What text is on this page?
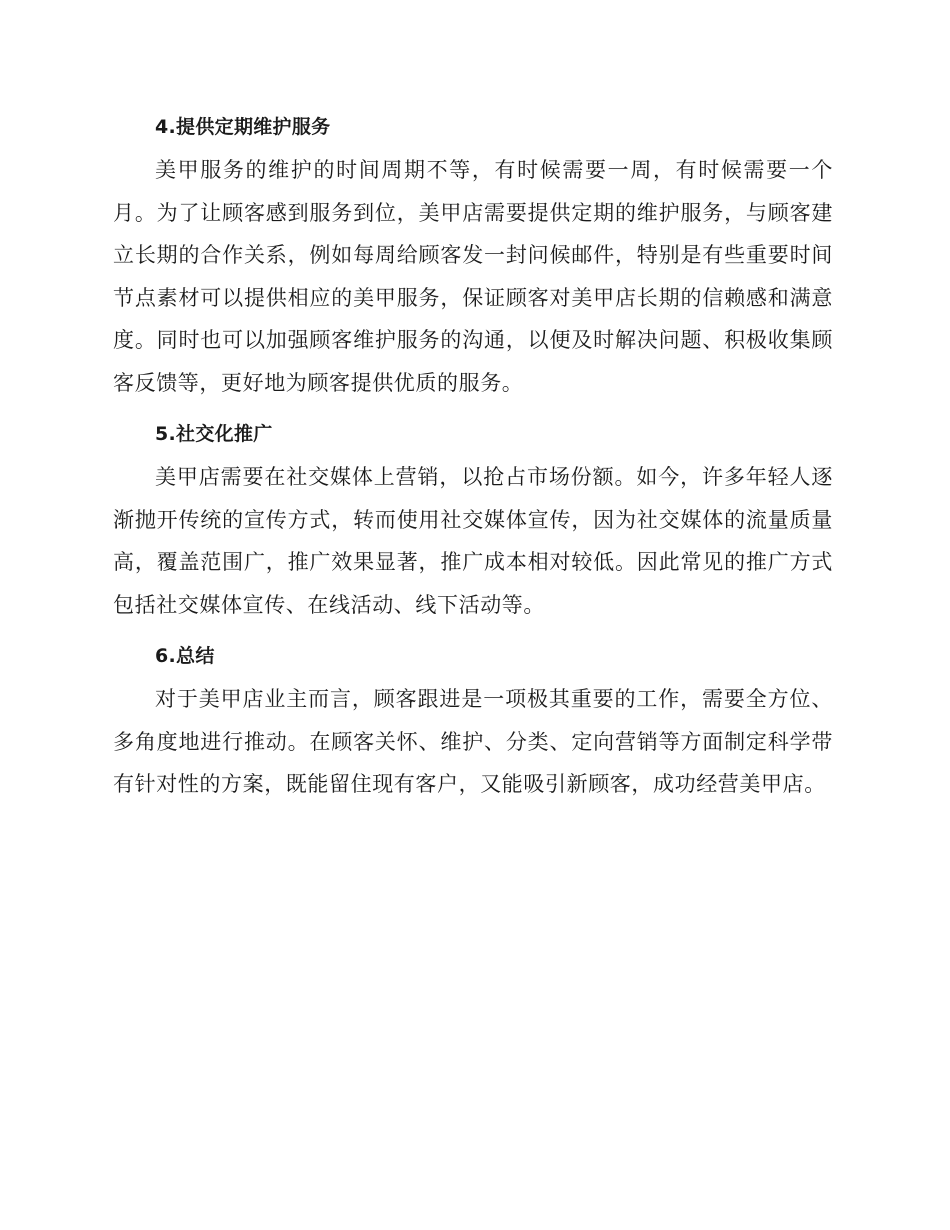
4.提供定期维护服务

美甲服务的维护的时间周期不等，有时候需要一周，有时候需要一个月。为了让顾客感到服务到位，美甲店需要提供定期的维护服务，与顾客建立长期的合作关系，例如每周给顾客发一封问候邮件，特别是有些重要时间节点素材可以提供相应的美甲服务，保证顾客对美甲店长期的信赖感和满意度。同时也可以加强顾客维护服务的沟通，以便及时解决问题、积极收集顾客反馈等，更好地为顾客提供优质的服务。

5.社交化推广

美甲店需要在社交媒体上营销，以抢占市场份额。如今，许多年轻人逐渐抛开传统的宣传方式，转而使用社交媒体宣传，因为社交媒体的流量质量高，覆盖范围广，推广效果显著，推广成本相对较低。因此常见的推广方式包括社交媒体宣传、在线活动、线下活动等。

6.总结

对于美甲店业主而言，顾客跟进是一项极其重要的工作，需要全方位、多角度地进行推动。在顾客关怀、维护、分类、定向营销等方面制定科学带有针对性的方案，既能留住现有客户，又能吸引新顾客，成功经营美甲店。
